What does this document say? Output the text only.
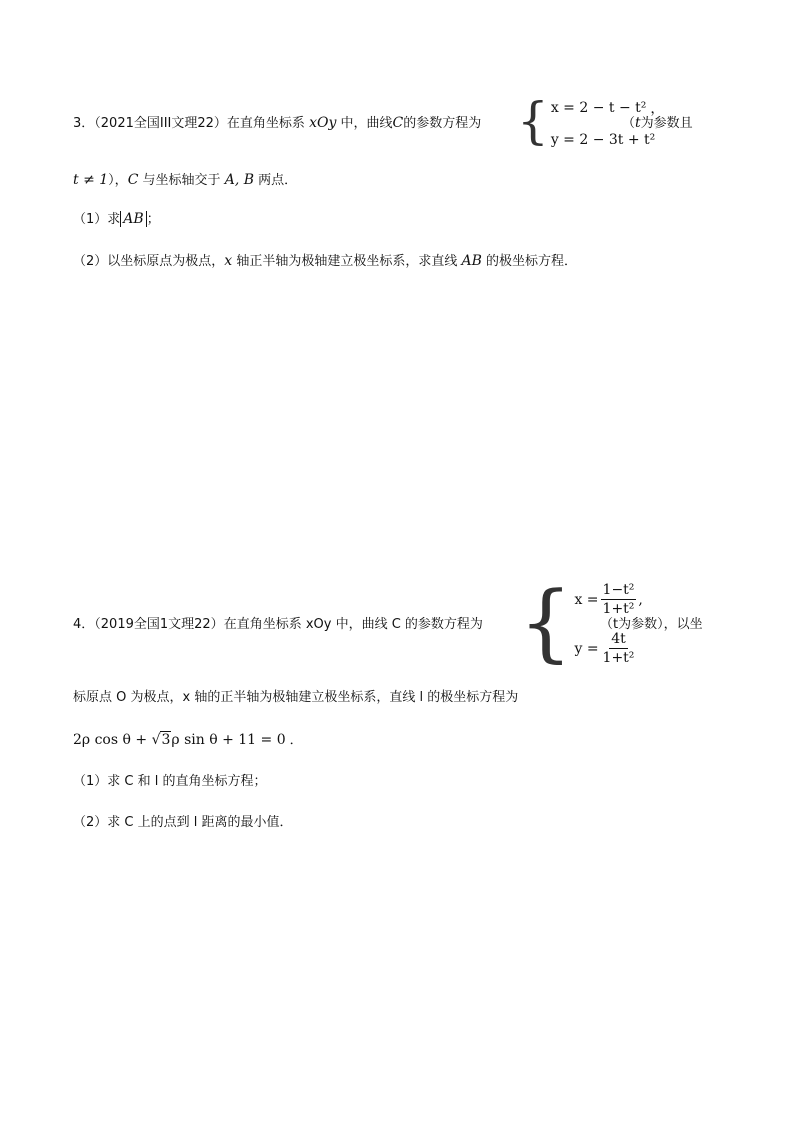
3．（2021全国III文理22）在直角坐标系 xOy 中，曲线C的参数方程为 { x = 2 − t − t² ，
y = 2 − 3t + t²
（t为参数且
t ≠ 1），C 与坐标轴交于 A, B 两点．
（1）求 AB ；
（2）以坐标原点为极点，x 轴正半轴为极轴建立极坐标系，求直线 AB 的极坐标方程．
4．（2019全国1文理22）在直角坐标系 xOy 中，曲线 C 的参数方程为 { $x = \frac{\text{1−t²}}{\text{1+t²}}$ ,
$y = \frac{4t}{\text{1+t²}}$
（t为参数），以坐
标原点 O 为极点，x 轴的正半轴为极轴建立极坐标系，直线 l 的极坐标方程为
2ρ cos θ + √3ρ sin θ + 11 = 0 ．
（1）求 C 和 l 的直角坐标方程；
（2）求 C 上的点到 l 距离的最小值．
